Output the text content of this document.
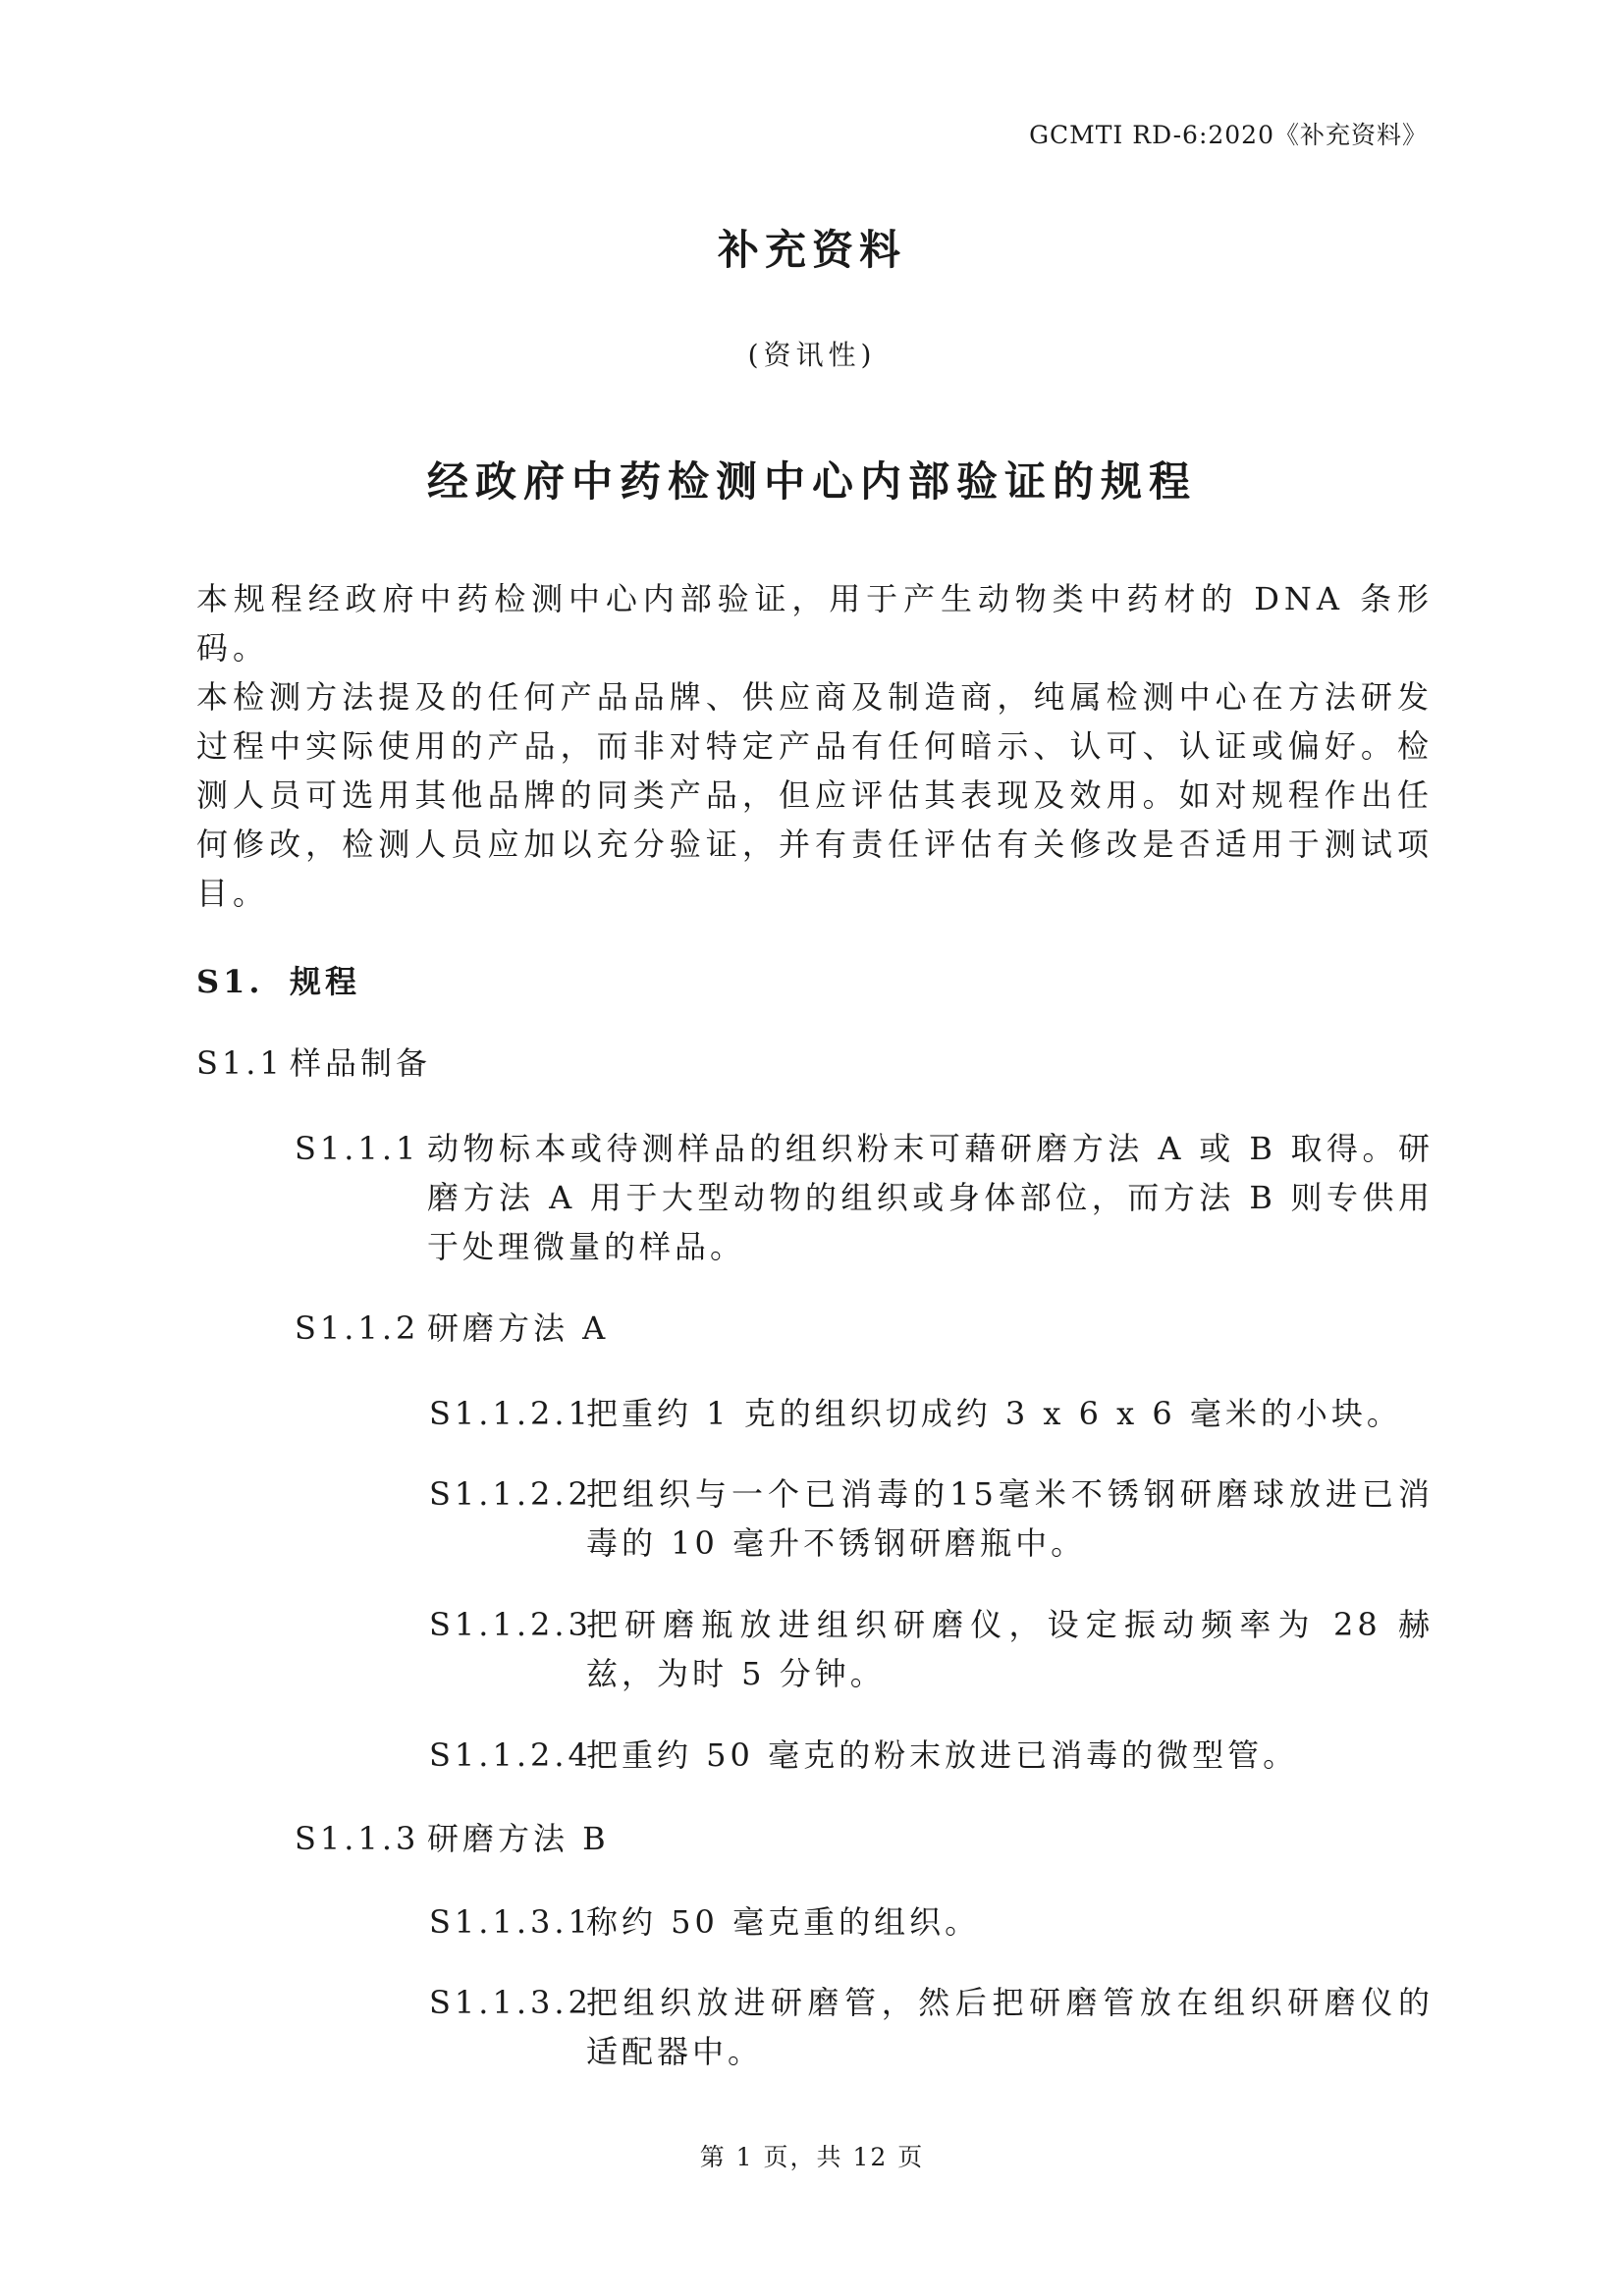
GCMTI RD-6:2020《补充资料》
补充资料
(资讯性)
经政府中药检测中心内部验证的规程

本规程经政府中药检测中心内部验证，用于产生动物类中药材的 DNA 条形码。

本检测方法提及的任何产品品牌、供应商及制造商，纯属检测中心在方法研发过程中实际使用的产品，而非对特定产品有任何暗示、认可、认证或偏好。检测人员可选用其他品牌的同类产品，但应评估其表现及效用。如对规程作出任何修改，检测人员应加以充分验证，并有责任评估有关修改是否适用于测试项目。

S1. 规程
S1.1 样品制备
S1.1.1 动物标本或待测样品的组织粉末可藉研磨方法 A 或 B 取得。研磨方法 A 用于大型动物的组织或身体部位，而方法 B 则专供用于处理微量的样品。
S1.1.2 研磨方法 A
S1.1.2.1
把重约 1 克的组织切成约 3 x 6 x 6 毫米的小块。
S1.1.2.2
把组织与一个已消毒的15毫米不锈钢研磨球放进已消毒的 10 毫升不锈钢研磨瓶中。
S1.1.2.3
把研磨瓶放进组织研磨仪，设定振动频率为 28 赫兹，为时 5 分钟。
S1.1.2.4
把重约 50 毫克的粉末放进已消毒的微型管。
S1.1.3 研磨方法 B
S1.1.3.1
称约 50 毫克重的组织。
S1.1.3.2
把组织放进研磨管，然后把研磨管放在组织研磨仪的适配器中。
第 1 页，共 12 页
